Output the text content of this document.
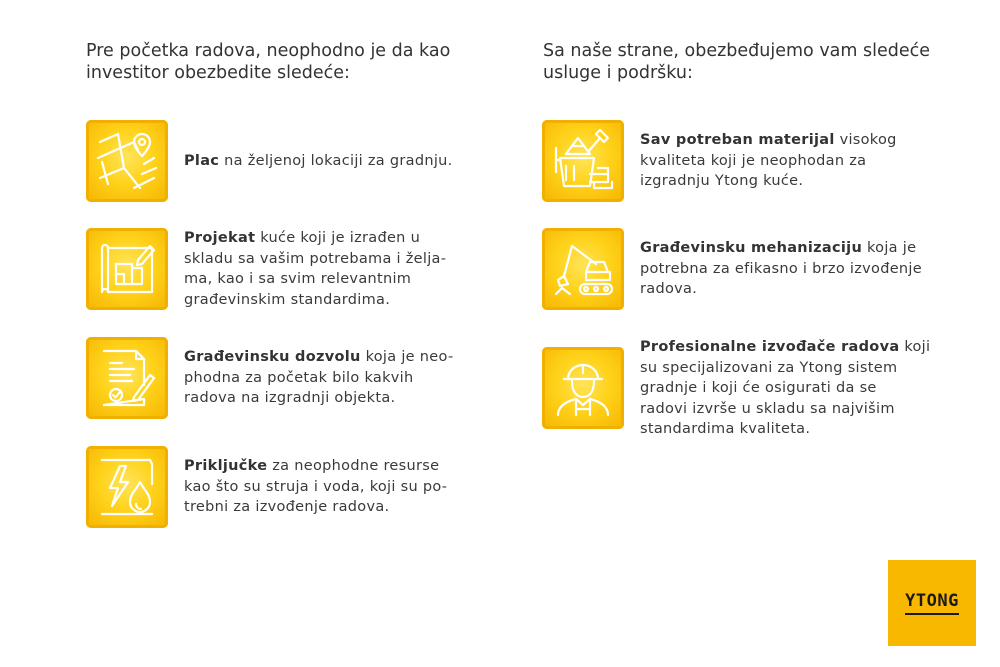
Pre početka radova, neophodno je da kao
investitor obezbedite sledeće:
Sa naše strane, obezbeđujemo vam sledeće
usluge i podršku:
Plac na željenoj lokaciji za gradnju.
Projekat kuće koji je izrađen u
skladu sa vašim potrebama i želja-
ma, kao i sa svim relevantnim
građevinskim standardima.
Građevinsku dozvolu koja je neo-
phodna za početak bilo kakvih
radova na izgradnji objekta.
Priključke za neophodne resurse
kao što su struja i voda, koji su po-
trebni za izvođenje radova.
Sav potreban materijal visokog
kvaliteta koji je neophodan za
izgradnju Ytong kuće.
Građevinsku mehanizaciju koja je
potrebna za efikasno i brzo izvođenje
radova.
Profesionalne izvođače radova koji
su specijalizovani za Ytong sistem
gradnje i koji će osigurati da se
radovi izvrše u skladu sa najvišim
standardima kvaliteta.
YTONG
